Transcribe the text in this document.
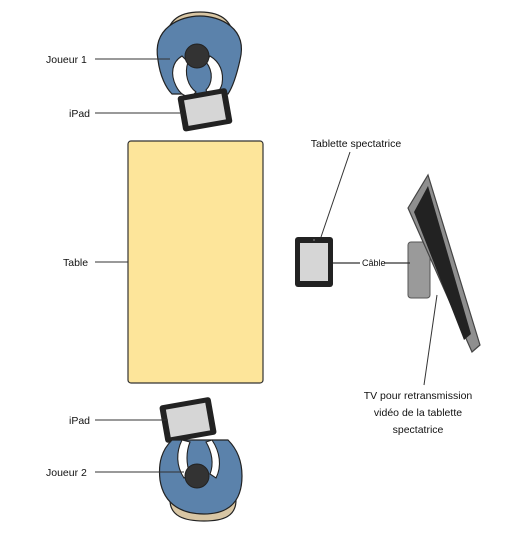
Câble
Joueur 1
iPad
Table
iPad
Joueur 2
Tablette spectatrice
TV pour retransmission
vidéo de la tablette
spectatrice
